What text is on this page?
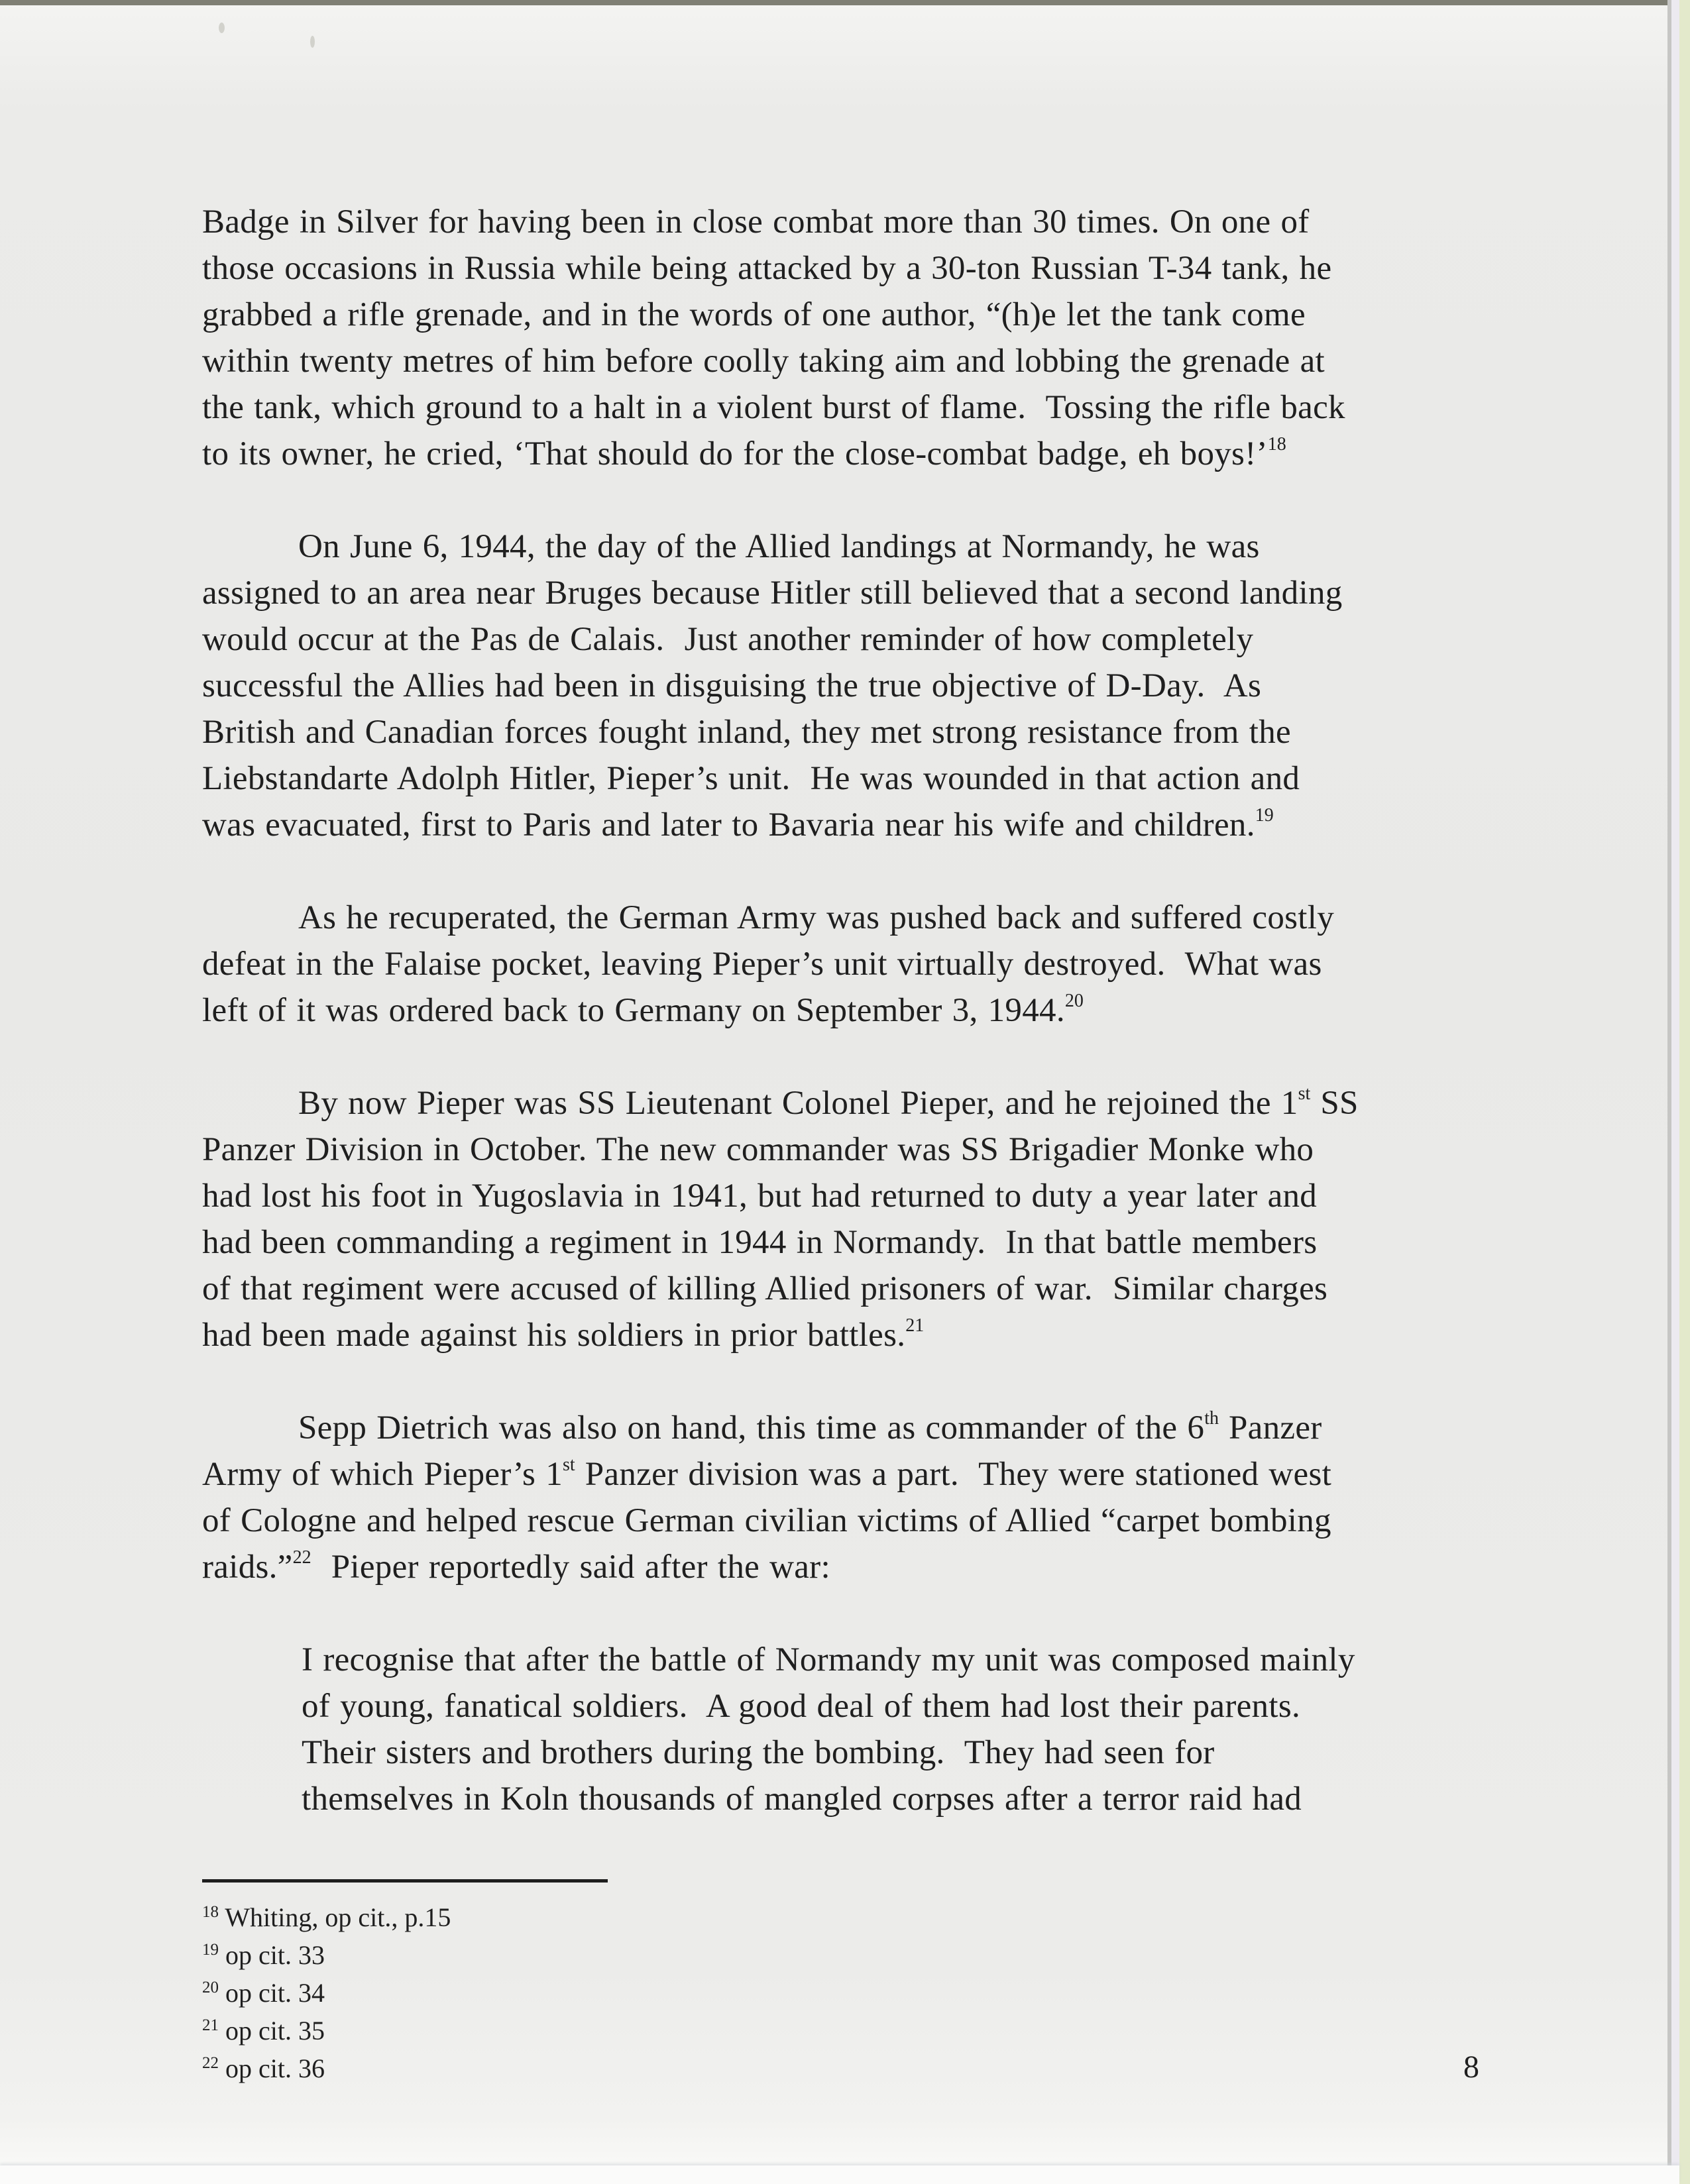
Badge in Silver for having been in close combat more than 30 times. On one of
those occasions in Russia while being attacked by a 30-ton Russian T-34 tank, he
grabbed a rifle grenade, and in the words of one author, “(h)e let the tank come
within twenty metres of him before coolly taking aim and lobbing the grenade at
the tank, which ground to a halt in a violent burst of flame.  Tossing the rifle back
to its owner, he cried, ‘That should do for the close-combat badge, eh boys!’$^{18}$
On June 6, 1944, the day of the Allied landings at Normandy, he was
assigned to an area near Bruges because Hitler still believed that a second landing
would occur at the Pas de Calais.  Just another reminder of how completely
successful the Allies had been in disguising the true objective of D-Day.  As
British and Canadian forces fought inland, they met strong resistance from the
Liebstandarte Adolph Hitler, Pieper’s unit.  He was wounded in that action and
was evacuated, first to Paris and later to Bavaria near his wife and children.$^{19}$
As he recuperated, the German Army was pushed back and suffered costly
defeat in the Falaise pocket, leaving Pieper’s unit virtually destroyed.  What was
left of it was ordered back to Germany on September 3, 1944.20
By now Pieper was SS Lieutenant Colonel Pieper, and he rejoined the 1st SS
Panzer Division in October. The new commander was SS Brigadier Monke who
had lost his foot in Yugoslavia in 1941, but had returned to duty a year later and
had been commanding a regiment in 1944 in Normandy.  In that battle members
of that regiment were accused of killing Allied prisoners of war.  Similar charges
had been made against his soldiers in prior battles.$^{21}$
Sepp Dietrich was also on hand, this time as commander of the 6th Panzer
Army of which Pieper’s 1st Panzer division was a part.  They were stationed west
of Cologne and helped rescue German civilian victims of Allied “carpet bombing
raids.”$^{22}$  Pieper reportedly said after the war:
I recognise that after the battle of Normandy my unit was composed mainly
of young, fanatical soldiers.  A good deal of them had lost their parents.
Their sisters and brothers during the bombing.  They had seen for
themselves in Koln thousands of mangled corpses after a terror raid had
$^{18}$ Whiting, op cit., p.15
$^{19}$ op cit. 33
$^{20}$ op cit. 34
$^{21}$ op cit. 35
$^{22}$ op cit. 36	8
